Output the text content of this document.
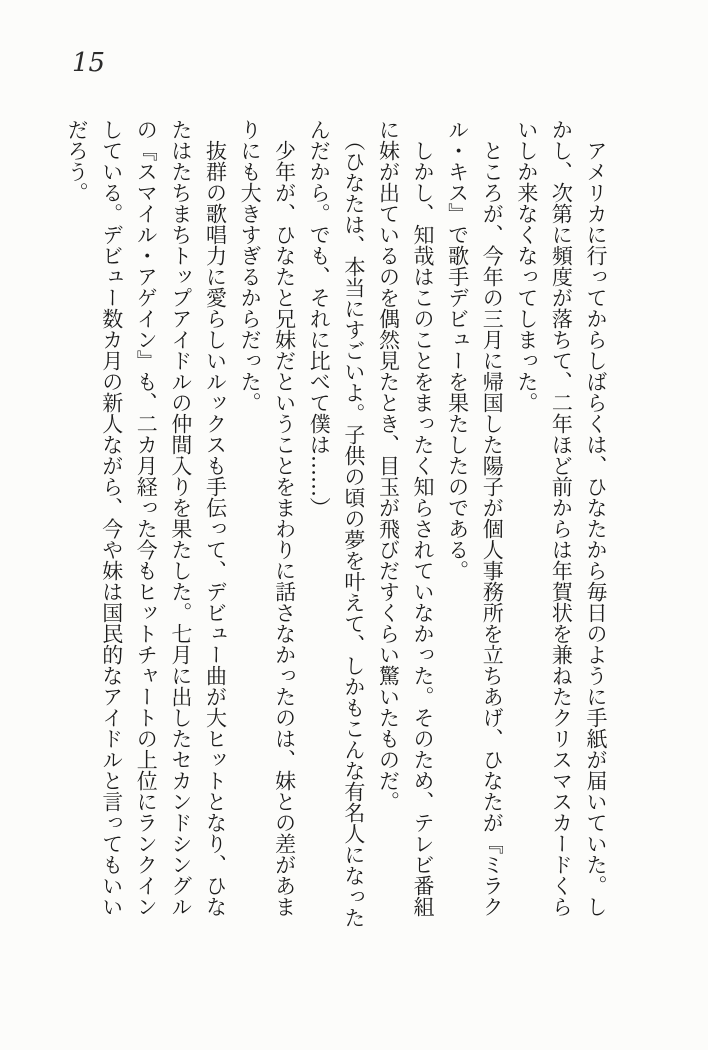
15

アメリカに行ってからしばらくは、ひなたから毎日のように手紙が届いていた。しかし、次第に頻度が落ちて、二年ほど前からは年賀状を兼ねたクリスマスカードくらいしか来なくなってしまった。

ところが、今年の三月に帰国した陽子が個人事務所を立ちあげ、ひなたが『ミラクル・キス』で歌手デビューを果たしたのである。

しかし、知哉はこのことをまったく知らされていなかった。そのため、テレビ番組に妹が出ているのを偶然見たとき、目玉が飛びだすくらい驚いたものだ。

（ひなたは、本当にすごいよ。子供の頃の夢を叶えて、しかもこんな有名人になったんだから。でも、それに比べて僕は……）

少年が、ひなたと兄妹だということをまわりに話さなかったのは、妹との差があまりにも大きすぎるからだった。

抜群の歌唱力に愛らしいルックスも手伝って、デビュー曲が大ヒットとなり、ひなたはたちまちトップアイドルの仲間入りを果たした。七月に出したセカンドシングルの『スマイル・アゲイン』も、二カ月経った今もヒットチャートの上位にランクインしている。デビュー数カ月の新人ながら、今や妹は国民的なアイドルと言ってもいいだろう。
